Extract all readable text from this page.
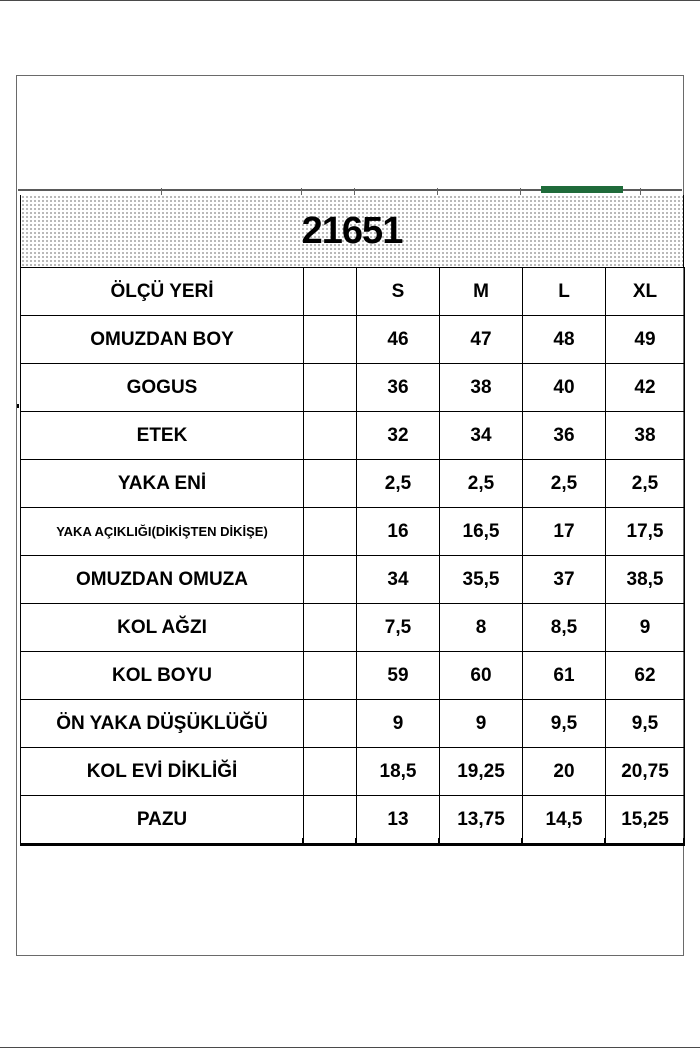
21651
ÖLÇÜ YERİ		S	M	L	XL
OMUZDAN BOY		46	47	48	49
GOGUS		36	38	40	42
ETEK		32	34	36	38
YAKA ENİ		2,5	2,5	2,5	2,5
YAKA AÇIKLIĞI(DİKİŞTEN DİKİŞE)		16	16,5	17	17,5
OMUZDAN OMUZA		34	35,5	37	38,5
KOL AĞZI		7,5	8	8,5	9
KOL BOYU		59	60	61	62
ÖN YAKA DÜŞÜKLÜĞÜ		9	9	9,5	9,5
KOL EVİ DİKLİĞİ		18,5	19,25	20	20,75
PAZU		13	13,75	14,5	15,25
